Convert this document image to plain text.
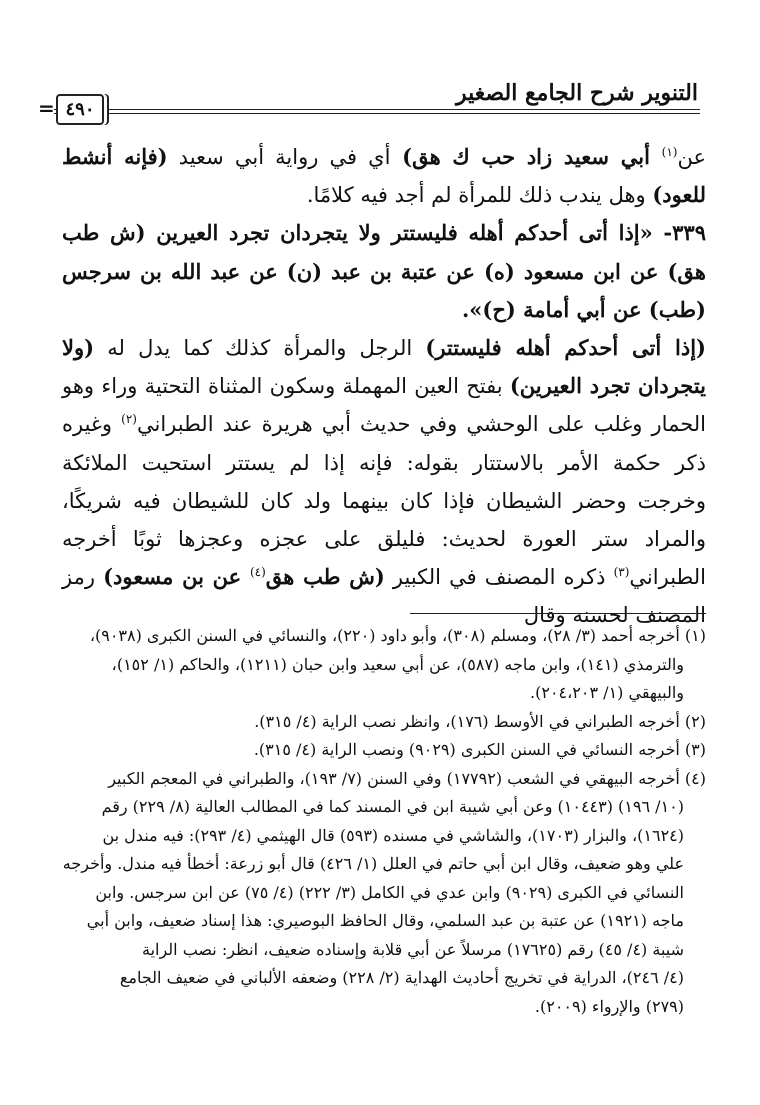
التنوير شرح الجامع الصغير
= ٤٩٠

عن$^{(١)}$ أبي سعيد زاد حب ك هق) أي في رواية أبي سعيد (فإنه أنشط للعود) وهل يندب ذلك للمرأة لم أجد فيه كلامًا.

٣٣٩- «إذا أتى أحدكم أهله فليستتر ولا يتجردان تجرد العيرين (ش طب هق) عن ابن مسعود (ه) عن عتبة بن عبد (ن) عن عبد الله بن سرجس (طب) عن أبي أمامة (ح)».

(إذا أتى أحدكم أهله فليستتر) الرجل والمرأة كذلك كما يدل له (ولا يتجردان تجرد العيرين) بفتح العين المهملة وسكون المثناة التحتية وراء وهو الحمار وغلب على الوحشي وفي حديث أبي هريرة عند الطبراني$^{(٢)}$ وغيره ذكر حكمة الأمر بالاستتار بقوله: فإنه إذا لم يستتر استحيت الملائكة وخرجت وحضر الشيطان فإذا كان بينهما ولد كان للشيطان فيه شريكًا، والمراد ستر العورة لحديث: فليلق على عجزه وعجزها ثوبًا أخرجه الطبراني$^{(٣)}$ ذكره المصنف في الكبير (ش طب هق$^{(٤)}$ عن بن مسعود) رمز المصنف لحسنه وقال

(١) أخرجه أحمد (٣/ ٢٨)، ومسلم (٣٠٨)، وأبو داود (٢٢٠)، والنسائي في السنن الكبرى (٩٠٣٨)،

والترمذي (١٤١)، وابن ماجه (٥٨٧)، عن أبي سعيد وابن حبان (١٢١١)، والحاكم (١/ ١٥٢)،

والبيهقي (١/ ٢٠٤،٢٠٣).

(٢) أخرجه الطبراني في الأوسط (١٧٦)، وانظر نصب الراية (٤/ ٣١٥).

(٣) أخرجه النسائي في السنن الكبرى (٩٠٢٩) ونصب الراية (٤/ ٣١٥).

(٤) أخرجه البيهقي في الشعب (١٧٧٩٢) وفي السنن (٧/ ١٩٣)، والطبراني في المعجم الكبير

(١٠/ ١٩٦) (١٠٤٤٣) وعن أبي شيبة ابن في المسند كما في المطالب العالية (٨/ ٢٢٩) رقم

(١٦٢٤)، والبزار (١٧٠٣)، والشاشي في مسنده (٥٩٣) قال الهيثمي (٤/ ٢٩٣): فيه مندل بن

علي وهو ضعيف، وقال ابن أبي حاتم في العلل (١/ ٤٢٦) قال أبو زرعة: أخطأ فيه مندل. وأخرجه

النسائي في الكبرى (٩٠٢٩) وابن عدي في الكامل (٣/ ٢٢٢) (٤/ ٧٥) عن ابن سرجس. وابن

ماجه (١٩٢١) عن عتبة بن عبد السلمي، وقال الحافظ البوصيري: هذا إسناد ضعيف، وابن أبي

شيبة (٤/ ٤٥) رقم (١٧٦٢٥) مرسلاً عن أبي قلابة وإسناده ضعيف، انظر: نصب الراية

(٤/ ٢٤٦)، الدراية في تخريج أحاديث الهداية (٢/ ٢٢٨) وضعفه الألباني في ضعيف الجامع

(٢٧٩) والإرواء (٢٠٠٩).
